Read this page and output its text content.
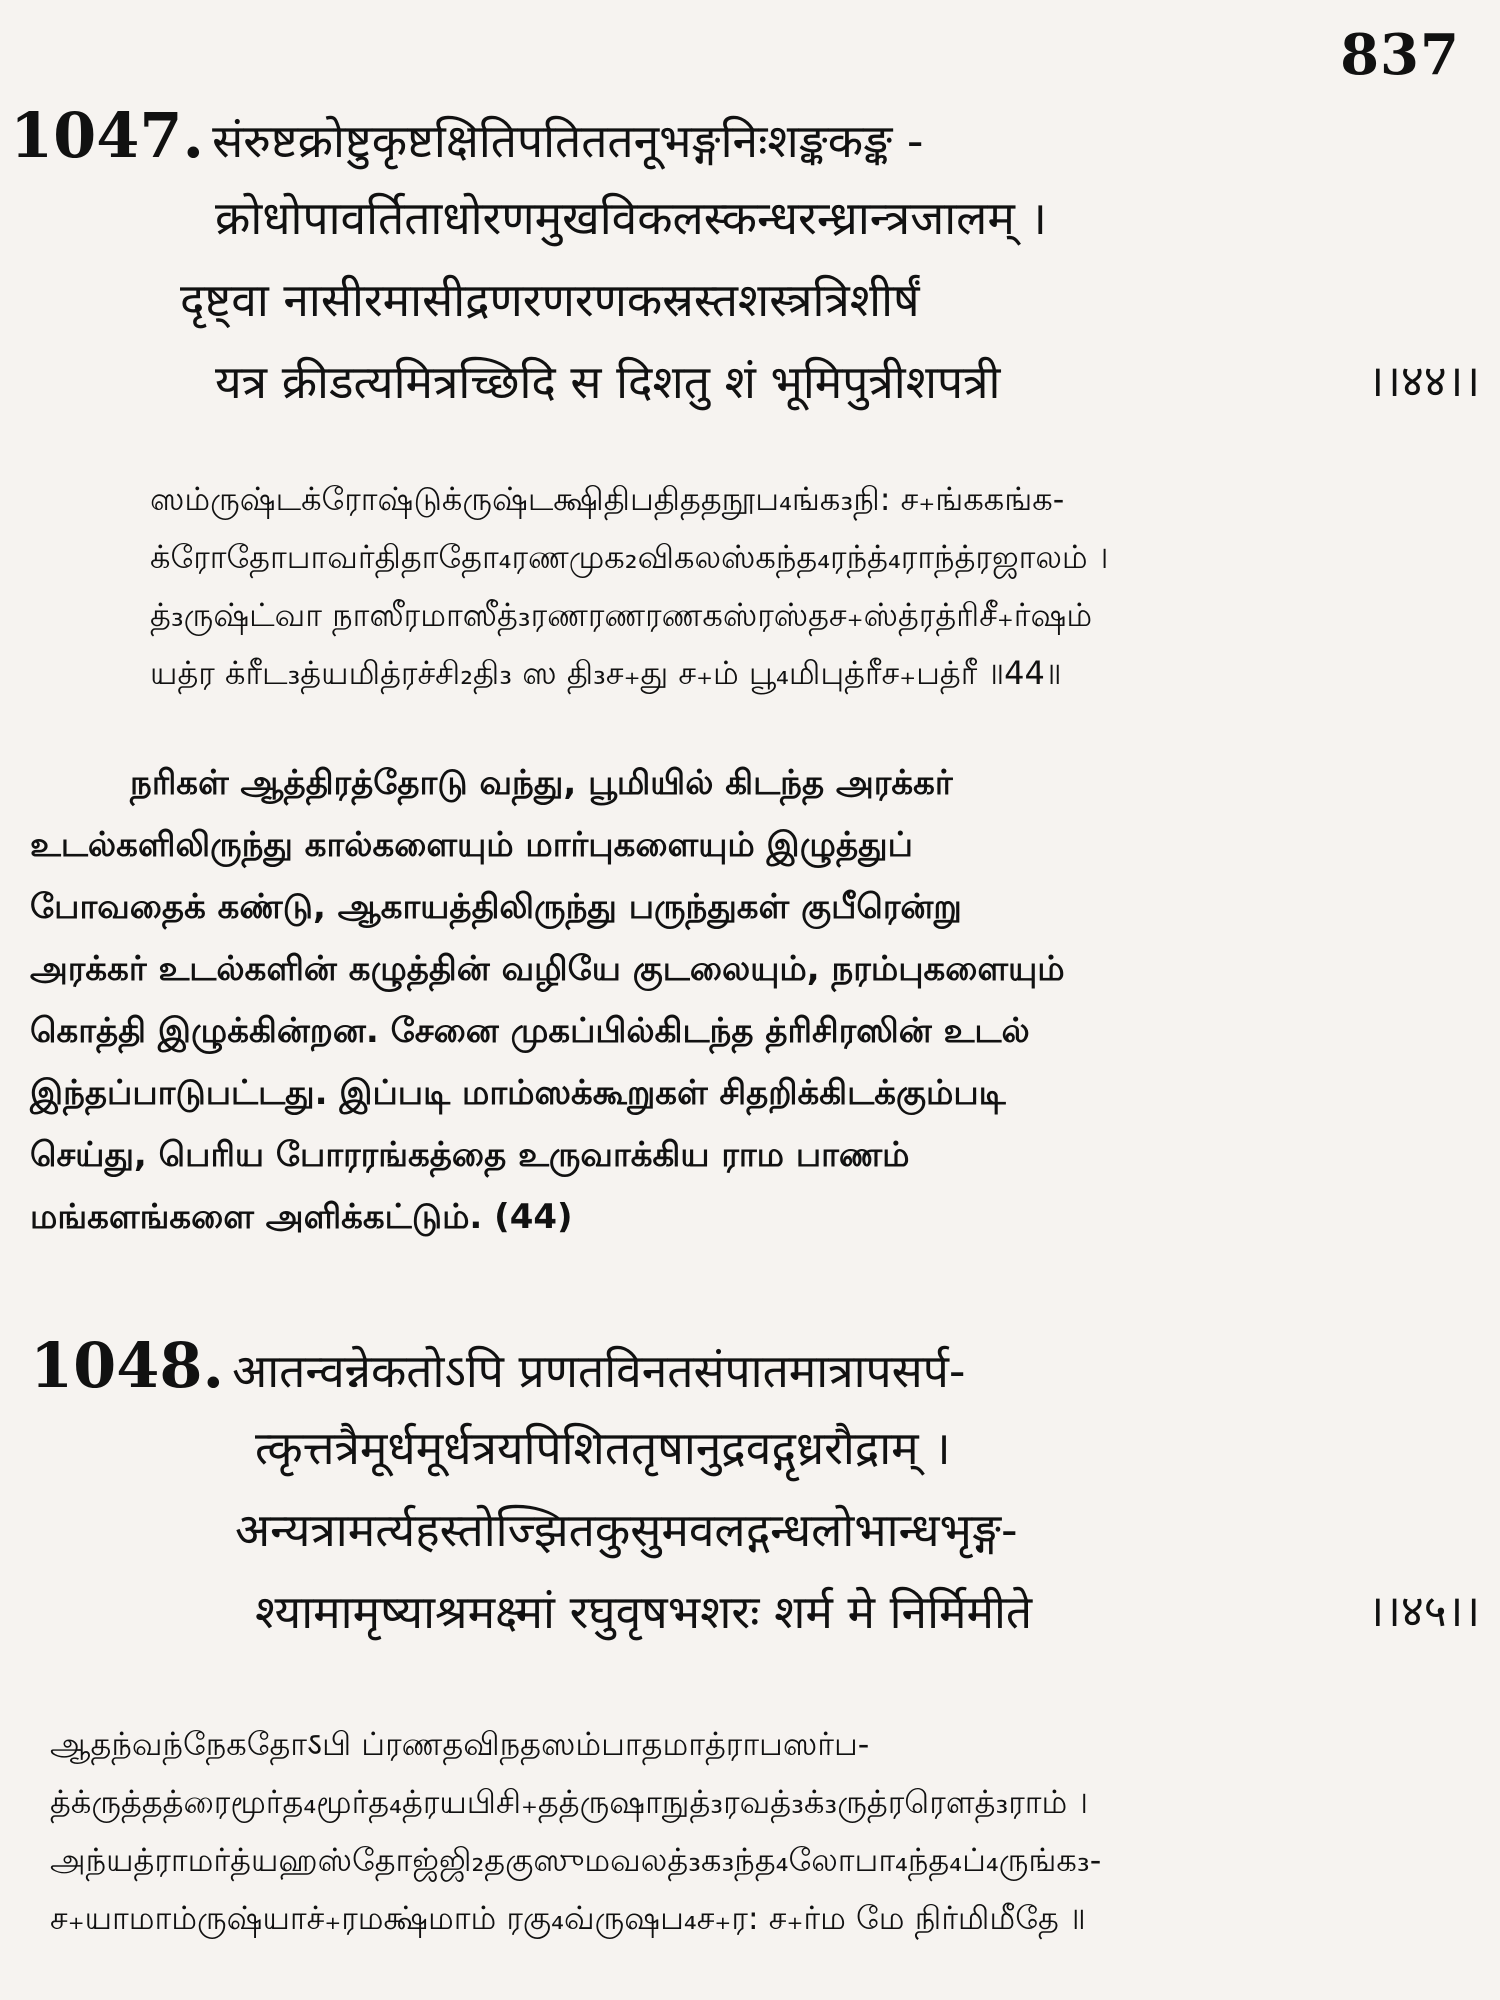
837
1047. संरुष्टक्रोष्टुकृष्टक्षितिपतिततनूभङ्गनिःशङ्ककङ्क -
क्रोधोपावर्तिताधोरणमुखविकलस्कन्धरन्ध्रान्त्रजालम् ।
दृष्ट्वा नासीरमासीद्रणरणरणकस्रस्तशस्त्रत्रिशीर्षं
यत्र क्रीडत्यमित्रच्छिदि स दिशतु शं भूमिपुत्रीशपत्री	।।४४।।
ஸம்ருஷ்டக்ரோஷ்டுக்ருஷ்டக்ஷிதிபதிததநூப₄ங்க₃நி: ச₊ங்ககங்க-
க்ரோதோபாவர்திதாதோ₄ரணமுக₂விகலஸ்கந்த₄ரந்த்₄ராந்த்ரஜாலம் ।
த்₃ருஷ்ட்வா நாஸீரமாஸீத்₃ரணரணரணகஸ்ரஸ்தச₊ஸ்த்ரத்ரிசீ₊ர்ஷம்
யத்ர க்ரீட₃த்யமித்ரச்சி₂தி₃ ஸ தி₃ச₊து ச₊ம் பூ₄மிபுத்ரீச₊பத்ரீ ॥44॥
நரிகள் ஆத்திரத்தோடு வந்து, பூமியில் கிடந்த அரக்கர்
உடல்களிலிருந்து கால்களையும் மார்புகளையும் இழுத்துப்
போவதைக் கண்டு, ஆகாயத்திலிருந்து பருந்துகள் குபீரென்று
அரக்கர் உடல்களின் கழுத்தின் வழியே குடலையும், நரம்புகளையும்
கொத்தி இழுக்கின்றன. சேனை முகப்பில்கிடந்த த்ரிசிரஸின் உடல்
இந்தப்பாடுபட்டது. இப்படி மாம்ஸக்கூறுகள் சிதறிக்கிடக்கும்படி
செய்து, பெரிய போரரங்கத்தை உருவாக்கிய ராம பாணம்
மங்களங்களை அளிக்கட்டும். (44)
1048. आतन्वन्नेकतोऽपि प्रणतविनतसंपातमात्रापसर्प-
त्कृत्तत्रैमूर्धमूर्धत्रयपिशिततृषानुद्रवद्गृध्ररौद्राम् ।
अन्यत्रामर्त्यहस्तोज्झितकुसुमवलद्गन्धलोभान्धभृङ्ग-
श्यामामृष्याश्रमक्ष्मां रघुवृषभशरः शर्म मे निर्मिमीते	।।४५।।
ஆதந்வந்நேகதோऽபி ப்ரணதவிநதஸம்பாதமாத்ராபஸர்ப-
த்க்ருத்தத்ரைமூர்த₄மூர்த₄த்ரயபிசி₊தத்ருஷாநுத்₃ரவத்₃க்₃ருத்ரரௌத்₃ராம் ।
அந்யத்ராமர்த்யஹஸ்தோஜ்ஜி₂தகுஸுமவலத்₃க₃ந்த₄லோபா₄ந்த₄ப்₄ருங்க₃-
ச₊யாமாம்ருஷ்யாச்₊ரமக்ஷ்மாம் ரகு₄வ்ருஷப₄ச₊ர: ச₊ர்ம மே நிர்மிமீதே ॥
